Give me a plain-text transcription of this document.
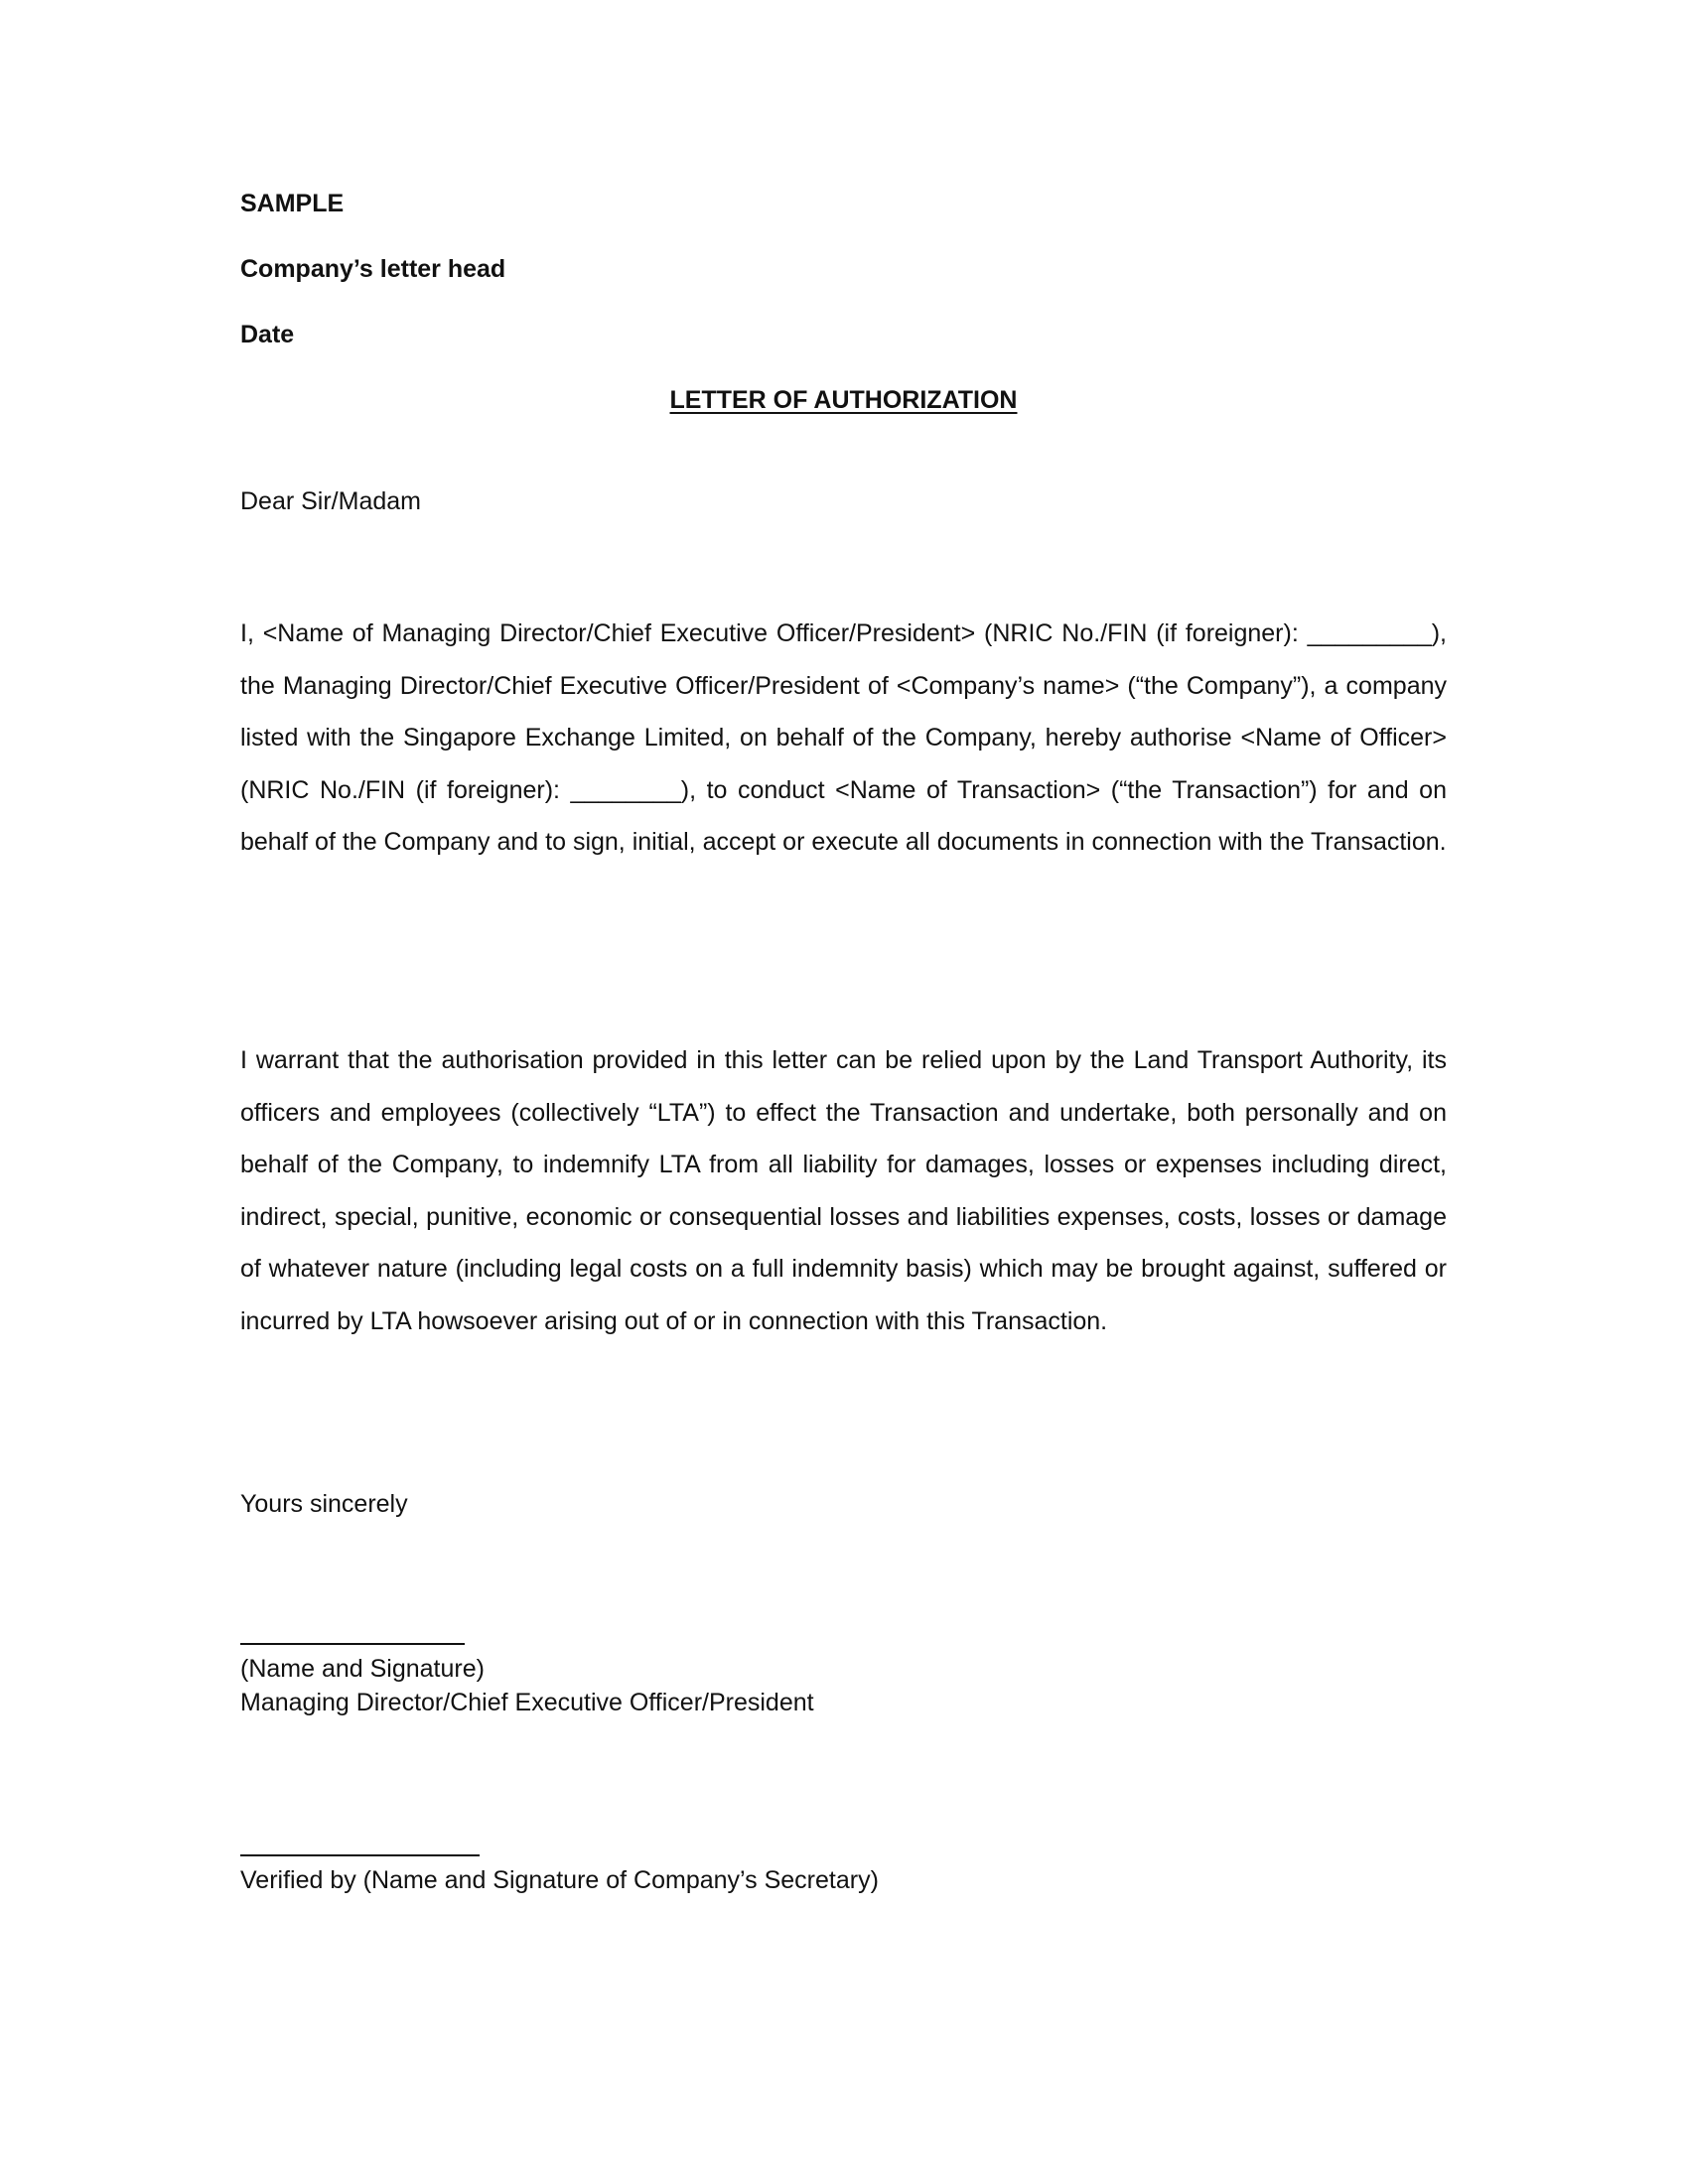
SAMPLE
Company’s letter head
Date
LETTER OF AUTHORIZATION
Dear Sir/Madam
I, <Name of Managing Director/Chief Executive Officer/President> (NRIC No./FIN (if foreigner): _________), the Managing Director/Chief Executive Officer/President of <Company’s name> (“the Company”), a company listed with the Singapore Exchange Limited, on behalf of the Company, hereby authorise <Name of Officer> (NRIC No./FIN (if foreigner): ________), to conduct <Name of Transaction> (“the Transaction”) for and on behalf of the Company and to sign, initial, accept or execute all documents in connection with the Transaction.
I warrant that the authorisation provided in this letter can be relied upon by the Land Transport Authority, its officers and employees (collectively “LTA”) to effect the Transaction and undertake, both personally and on behalf of the Company, to indemnify LTA from all liability for damages, losses or expenses including direct, indirect, special, punitive, economic or consequential losses and liabilities expenses, costs, losses or damage of whatever nature (including legal costs on a full indemnity basis) which may be brought against, suffered or incurred by LTA howsoever arising out of or in connection with this Transaction.
Yours sincerely
(Name and Signature)
Managing Director/Chief Executive Officer/President
Verified by (Name and Signature of Company’s Secretary)
